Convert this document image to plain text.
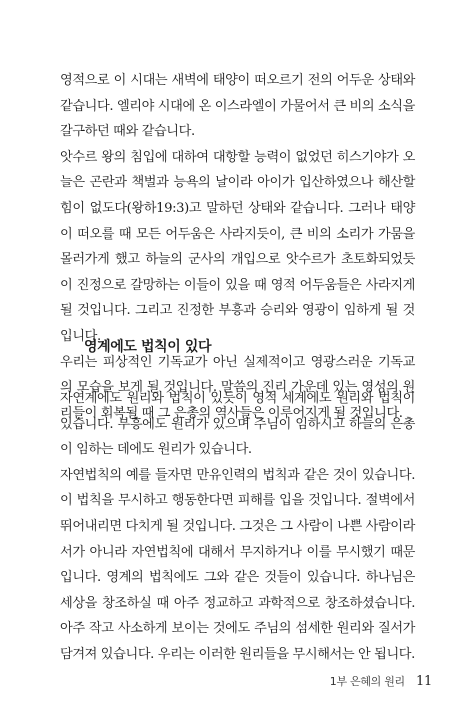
영적으로 이 시대는 새벽에 태양이 떠오르기 전의 어두운 상태와 같습니다. 엘리야 시대에 온 이스라엘이 가물어서 큰 비의 소식을 갈구하던 때와 같습니다.

앗수르 왕의 침입에 대하여 대항할 능력이 없었던 히스기야가 오늘은 곤란과 책벌과 능욕의 날이라 아이가 입산하였으나 해산할 힘이 없도다(왕하19:3)고 말하던 상태와 같습니다. 그러나 태양이 떠오를 때 모든 어두움은 사라지듯이, 큰 비의 소리가 가뭄을 몰러가게 했고 하늘의 군사의 개입으로 앗수르가 초토화되었듯이 진정으로 갈망하는 이들이 있을 때 영적 어두움들은 사라지게 될 것입니다. 그리고 진정한 부흥과 승리와 영광이 임하게 될 것입니다.

우리는 피상적인 기독교가 아닌 실제적이고 영광스러운 기독교의 모습을 보게 될 것입니다. 말씀의 진리 가운데 있는 영성의 원리들이 회복될 때 그 은총의 역사들은 이루어지게 될 것입니다.

영계에도 법칙이 있다

자연계에도 원리와 법칙이 있듯이 영적 세계에도 원리와 법칙이 있습니다. 부흥에도 원리가 있으며 주님이 임하시고 하늘의 은총이 임하는 데에도 원리가 있습니다.

자연법칙의 예를 들자면 만유인력의 법칙과 같은 것이 있습니다. 이 법칙을 무시하고 행동한다면 피해를 입을 것입니다. 절벽에서 뛰어내리면 다치게 될 것입니다. 그것은 그 사람이 나쁜 사람이라서가 아니라 자연법칙에 대해서 무지하거나 이를 무시했기 때문입니다. 영계의 법칙에도 그와 같은 것들이 있습니다. 하나님은 세상을 창조하실 때 아주 정교하고 과학적으로 창조하셨습니다. 아주 작고 사소하게 보이는 것에도 주님의 섬세한 원리와 질서가 담겨져 있습니다. 우리는 이러한 원리들을 무시해서는 안 됩니다.

1부 은혜의 원리 11
